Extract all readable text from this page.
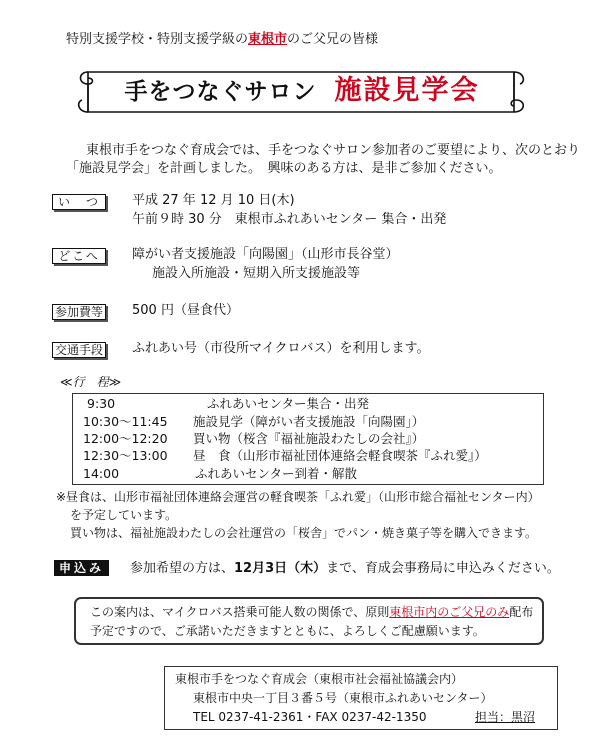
特別支援学校・特別支援学級の東根市のご父兄の皆様
手をつなぐサロン 施設見学会
東根市手をつなぐ育成会では、手をつなぐサロン参加者のご要望により、次のとおり
「施設見学会」を計画しました。　興味のある方は、是非ご参加ください。
い　つ	平成 27 年 12 月 10 日(木)
午前９時 30 分　東根市ふれあいセンター 集合・出発
どこへ	障がい者支援施設「向陽園」（山形市長谷堂）
施設入所施設・短期入所支援施設等
参加費等 500 円（昼食代）
交通手段 ふれあい号（市役所マイクロバス）を利用します。
≪行　程≫
9:30	ふれあいセンター集合・出発
10:30～11:45 施設見学（障がい者支援施設「向陽園」）
12:00～12:20 買い物（桜含『福祉施設わたしの会社』）
12:30～13:00 昼　食（山形市福祉団体連絡会軽食喫茶『ふれ愛』）
14:00	ふれあいセンター到着・解散
※昼食は、山形市福祉団体連絡会運営の軽食喫茶「ふれ愛」（山形市総合福祉センター内）
を予定しています。
買い物は、福祉施設わたしの会社運営の「桜舎」でパン・焼き菓子等を購入できます。
申込み	参加希望の方は、12月3日（木）まで、育成会事務局に申込みください。
この案内は、マイクロバス搭乗可能人数の関係で、原則東根市内のご父兄のみ配布
予定ですので、ご承諾いただきますとともに、よろしくご配慮願います。
東根市手をつなぐ育成会（東根市社会福祉協議会内）
東根市中央一丁目３番５号（東根市ふれあいセンター）
TEL 0237-41-2361・FAX 0237-42-1350	担当：黒沼
